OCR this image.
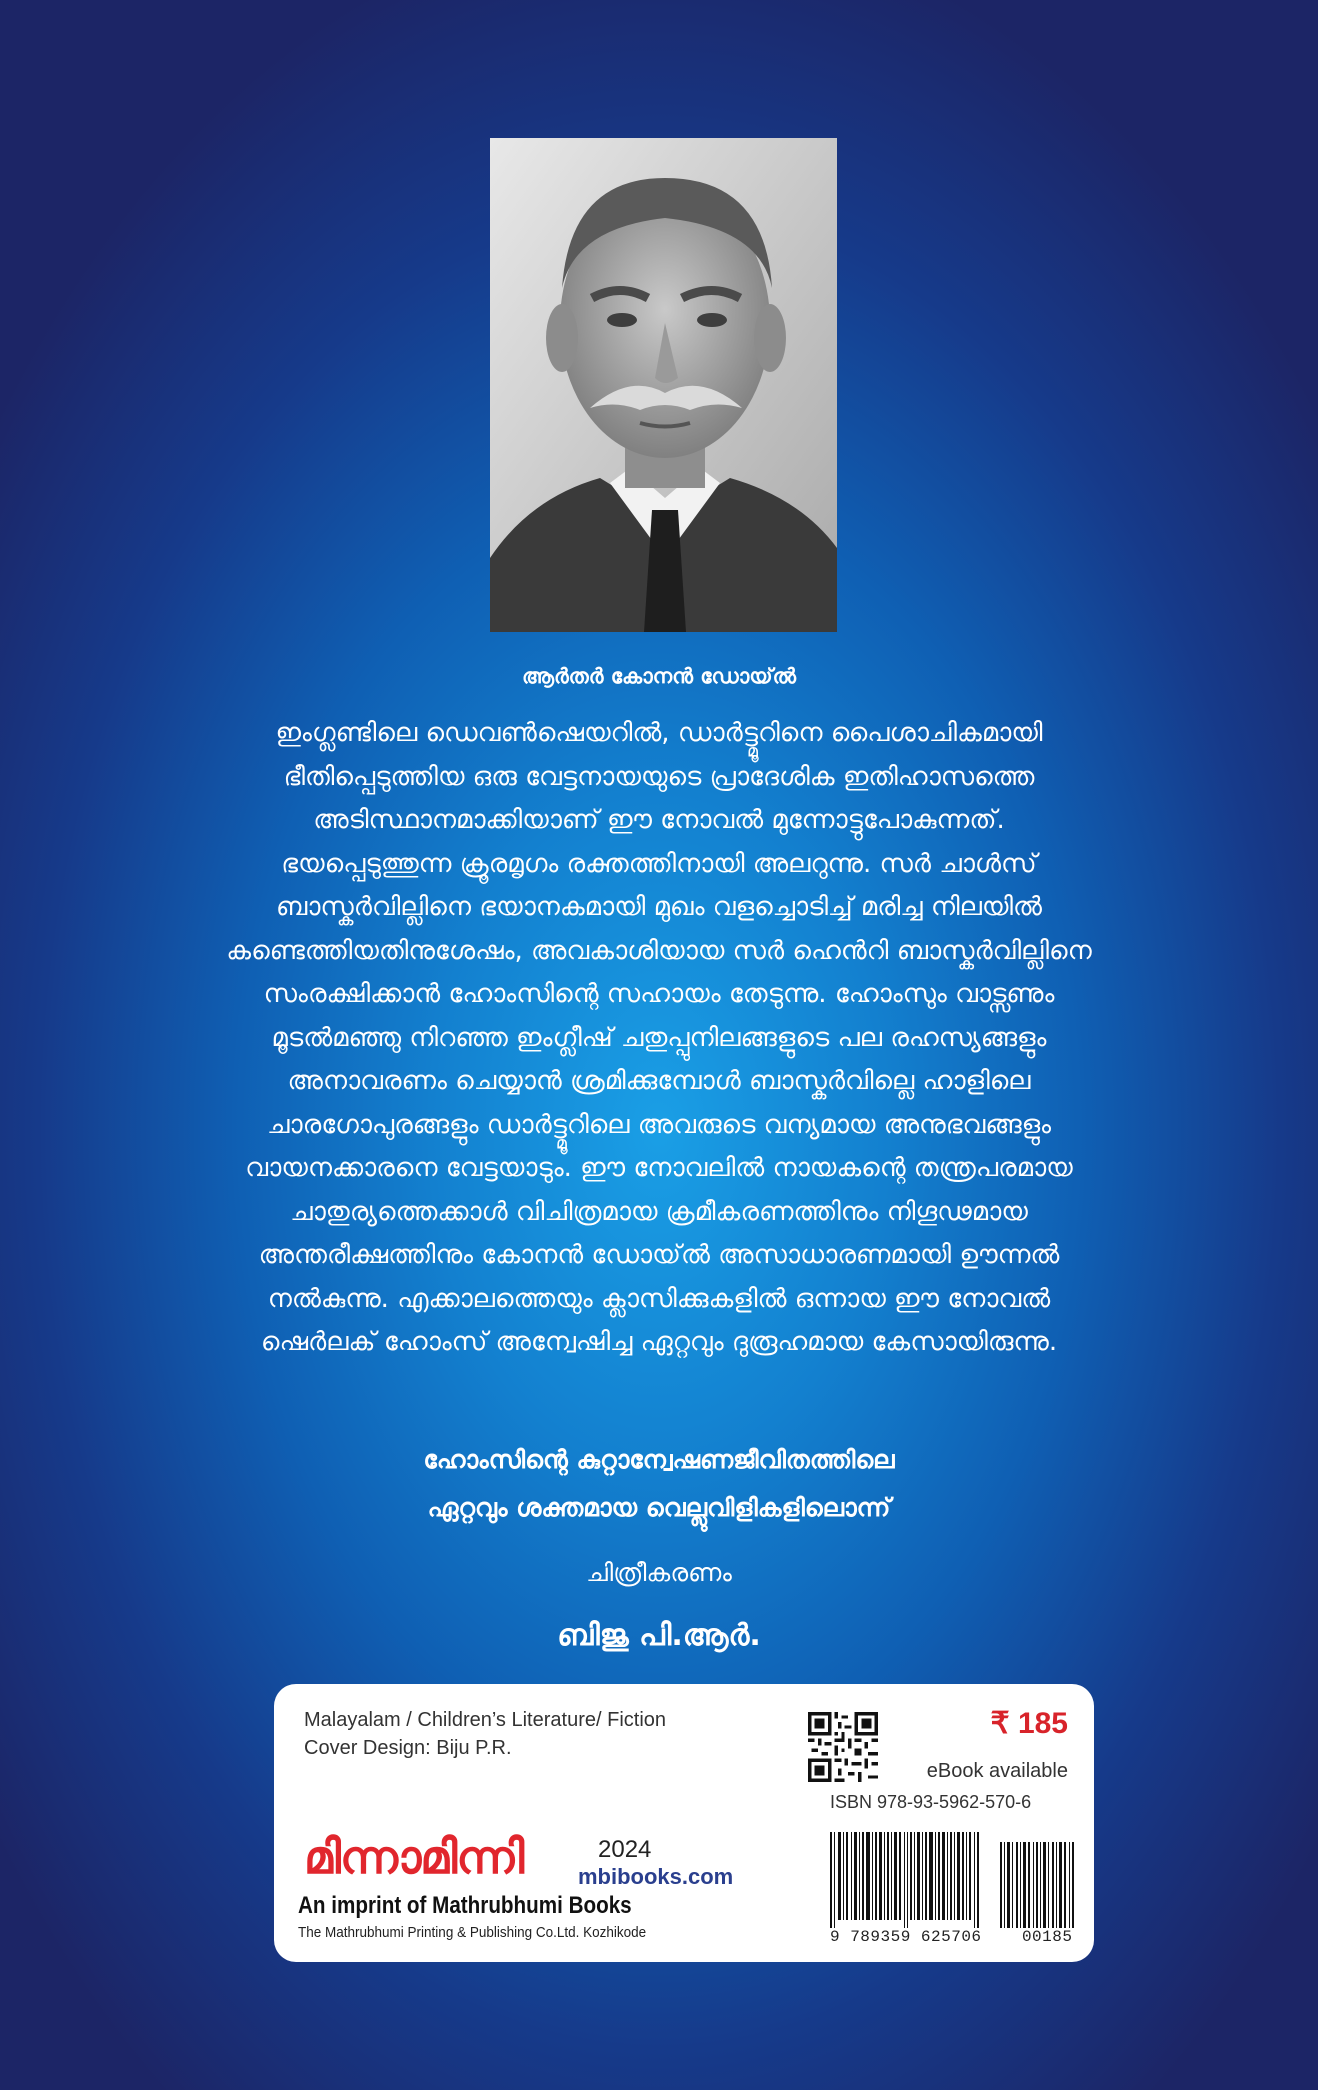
ആർതർ കോനൻ ഡോയ്ൽ
ഇംഗ്ലണ്ടിലെ ഡെവൺഷെയറിൽ, ഡാർട്ട്മൂറിനെ പൈശാചികമായി
ഭീതിപ്പെടുത്തിയ ഒരു വേട്ടനായയുടെ പ്രാദേശിക ഇതിഹാസത്തെ
അടിസ്ഥാനമാക്കിയാണ് ഈ നോവൽ മുന്നോട്ടുപോകുന്നത്.
ഭയപ്പെടുത്തുന്ന ക്രൂരമൃഗം രക്തത്തിനായി അലറുന്നു. സർ ചാൾസ്
ബാസ്കർവില്ലിനെ ഭയാനകമായി മുഖം വളച്ചൊടിച്ച് മരിച്ച നിലയിൽ
കണ്ടെത്തിയതിനുശേഷം, അവകാശിയായ സർ ഹെൻറി ബാസ്കർവില്ലിനെ
സംരക്ഷിക്കാൻ ഹോംസിന്റെ സഹായം തേടുന്നു. ഹോംസും വാട്സണും
മൂടൽമഞ്ഞു നിറഞ്ഞ ഇംഗ്ലീഷ് ചതുപ്പുനിലങ്ങളുടെ പല രഹസ്യങ്ങളും
അനാവരണം ചെയ്യാൻ ശ്രമിക്കുമ്പോൾ ബാസ്കർവില്ലെ ഹാളിലെ
ചാരഗോപുരങ്ങളും ഡാർട്ട്മൂറിലെ അവരുടെ വന്യമായ അനുഭവങ്ങളും
വായനക്കാരനെ വേട്ടയാടും. ഈ നോവലിൽ നായകന്റെ തന്ത്രപരമായ
ചാതുര്യത്തെക്കാൾ വിചിത്രമായ ക്രമീകരണത്തിനും നിഗൂഢമായ
അന്തരീക്ഷത്തിനും കോനൻ ഡോയ്ൽ അസാധാരണമായി ഊന്നൽ
നൽകുന്നു. എക്കാലത്തെയും ക്ലാസിക്കുകളിൽ ഒന്നായ ഈ നോവൽ
ഷെർലക് ഹോംസ് അന്വേഷിച്ച ഏറ്റവും ദുരൂഹമായ കേസായിരുന്നു.
ഹോംസിന്റെ കുറ്റാന്വേഷണജീവിതത്തിലെ
ഏറ്റവും ശക്തമായ വെല്ലുവിളികളിലൊന്ന്
ചിത്രീകരണം
ബിജു പി.ആർ.
Malayalam / Children’s Literature/ Fiction
Cover Design: Biju P.R.
₹ 185
eBook available
ISBN 978-93-5962-570-6
9 789359 625706	00185
മിന്നാമിന്നി	2024
mbibooks.com
An imprint of Mathrubhumi Books
The Mathrubhumi Printing & Publishing Co.Ltd. Kozhikode
